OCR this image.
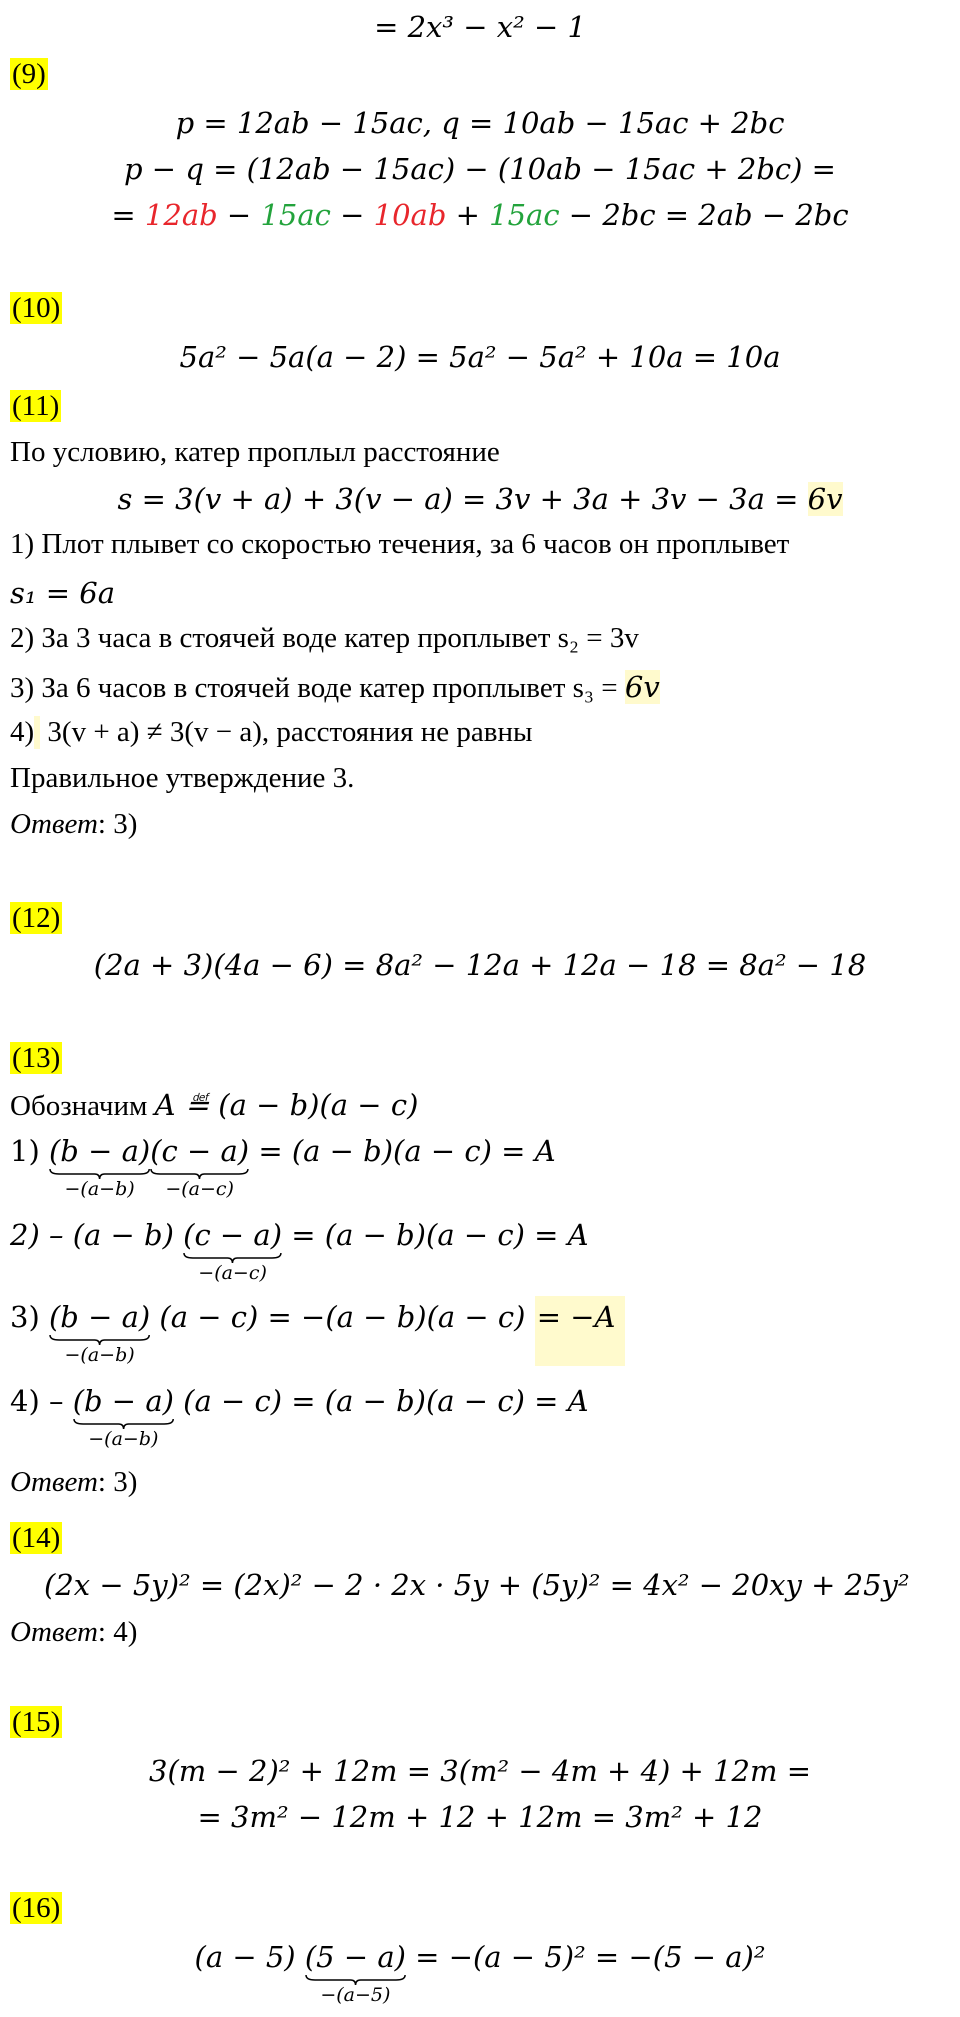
= 2x³ − x² − 1
(9)
p = 12ab − 15ac, q = 10ab − 15ac + 2bc
p − q = (12ab − 15ac) − (10ab − 15ac + 2bc) =
= 12ab − 15ac − 10ab + 15ac − 2bc = 2ab − 2bc
(10)
5a² − 5a(a − 2) = 5a² − 5a² + 10a = 10a
(11)
По условию, катер проплыл расстояние
s = 3(v + a) + 3(v − a) = 3v + 3a + 3v − 3a = 6v
1) Плот плывет со скоростью течения, за 6 часов он проплывет
s₁ = 6a
2) За 3 часа в стоячей воде катер проплывет s₂ = 3v
3) За 6 часов в стоячей воде катер проплывет s₃ = 6v
4)  3(v + a) ≠ 3(v − a), расстояния не равны
Правильное утверждение 3.
Ответ: 3)
(12)
(2a + 3)(4a − 6) = 8a² − 12a + 12a − 18 = 8a² − 18
(13)
Обозначим A ≝ (a − b)(a − c)
1) (b − a)
−(a−b)
(c − a)
−(a−c)
= (a − b)(a − c) = A
2) – (a − b) (c − a)
−(a−c)
= (a − b)(a − c) = A
3) (b − a)
−(a−b)
(a − c) = −(a − b)(a − c) = −A
4) – (b − a)
−(a−b)
(a − c) = (a − b)(a − c) = A
Ответ: 3)
(14)
(2x − 5y)² = (2x)² − 2 · 2x · 5y + (5y)² = 4x² − 20xy + 25y²
Ответ: 4)
(15)
3(m − 2)² + 12m = 3(m² − 4m + 4) + 12m =
= 3m² − 12m + 12 + 12m = 3m² + 12
(16)
(a − 5) (5 − a)
−(a−5)
= −(a − 5)² = −(5 − a)²
